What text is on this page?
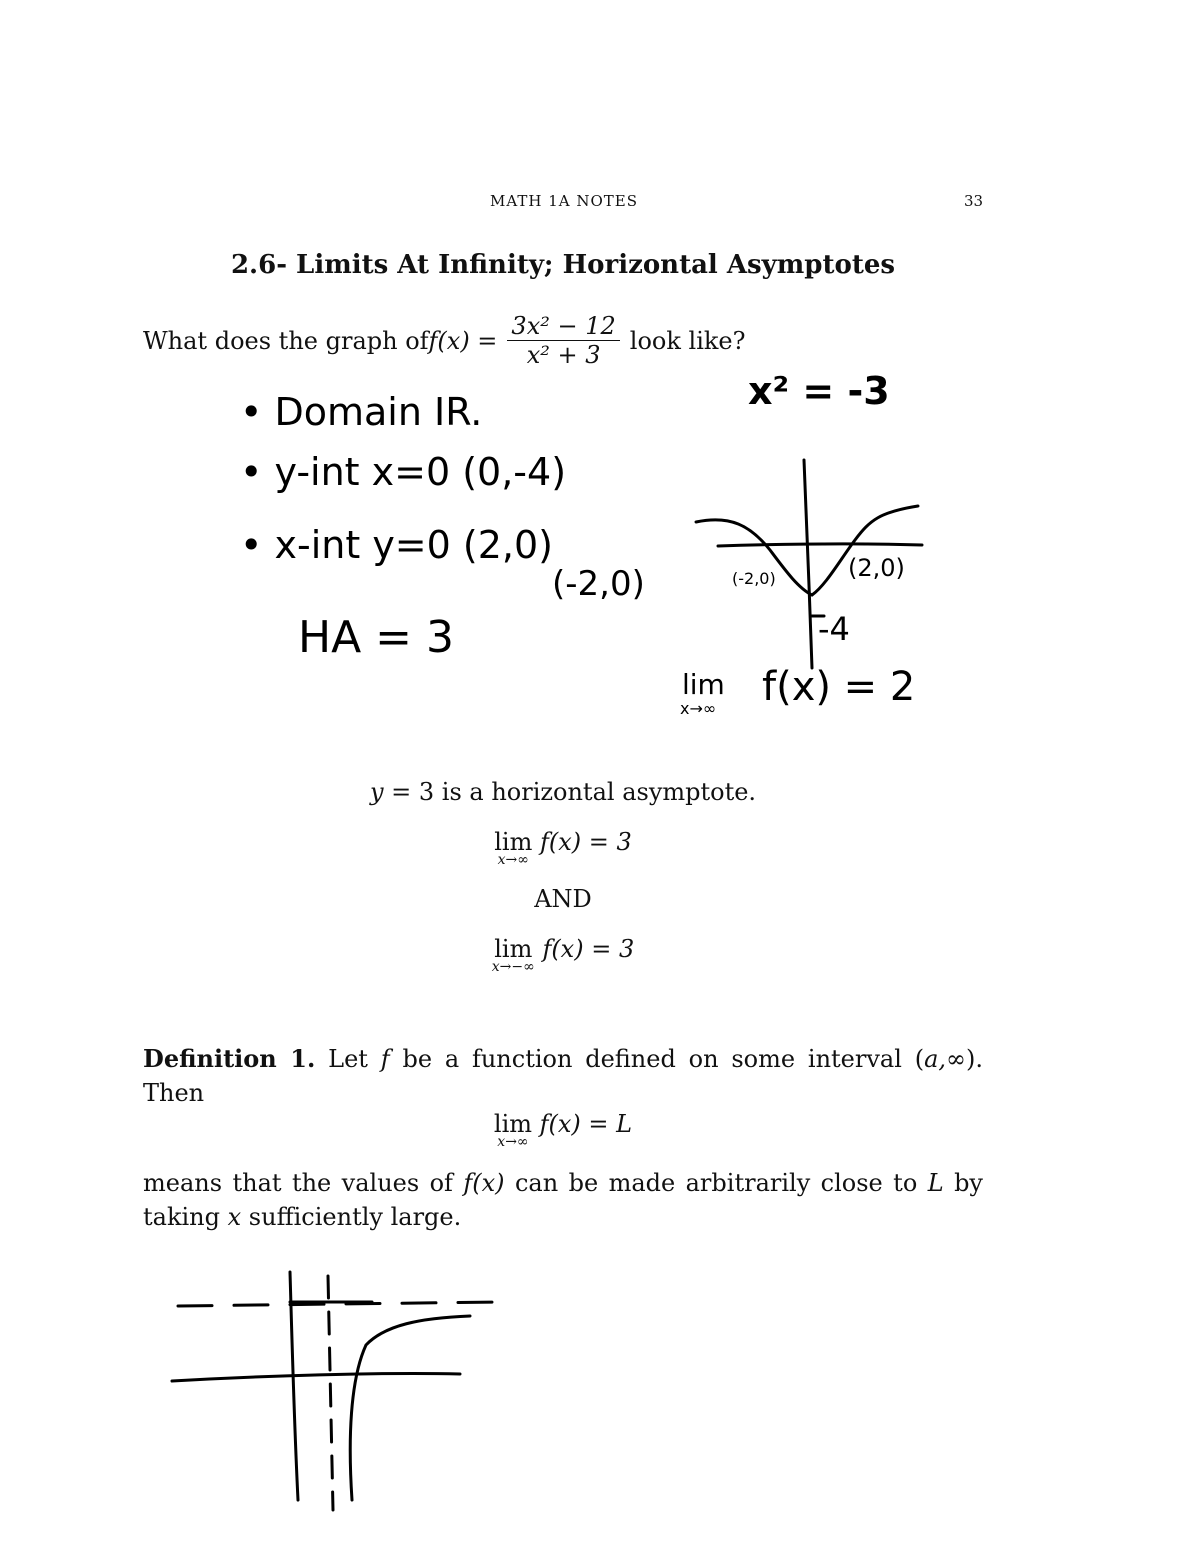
MATH 1A NOTES	33
2.6- Limits At Infinity; Horizontal Asymptotes
What does the graph of $f(x) = \frac{\text{3x² − 12}}{\text{x² + 3}}$ look like?
• Domain IR.
• y-int x=0 (0,-4)
• x-int y=0 (2,0)
(-2,0)
HA = 3
x² = -3
(-2,0)	(2,0)
-4
lim
x→∞ f(x) = 2
y = 3 is a horizontal asymptote.
lim
x→∞
f(x) = 3
AND
lim
x→−∞
f(x) = 3
Definition 1. Let f be a function defined on some interval (a,∞). Then
lim
x→∞
f(x) = L
means that the values of f(x) can be made arbitrarily close to L by taking x sufficiently large.
